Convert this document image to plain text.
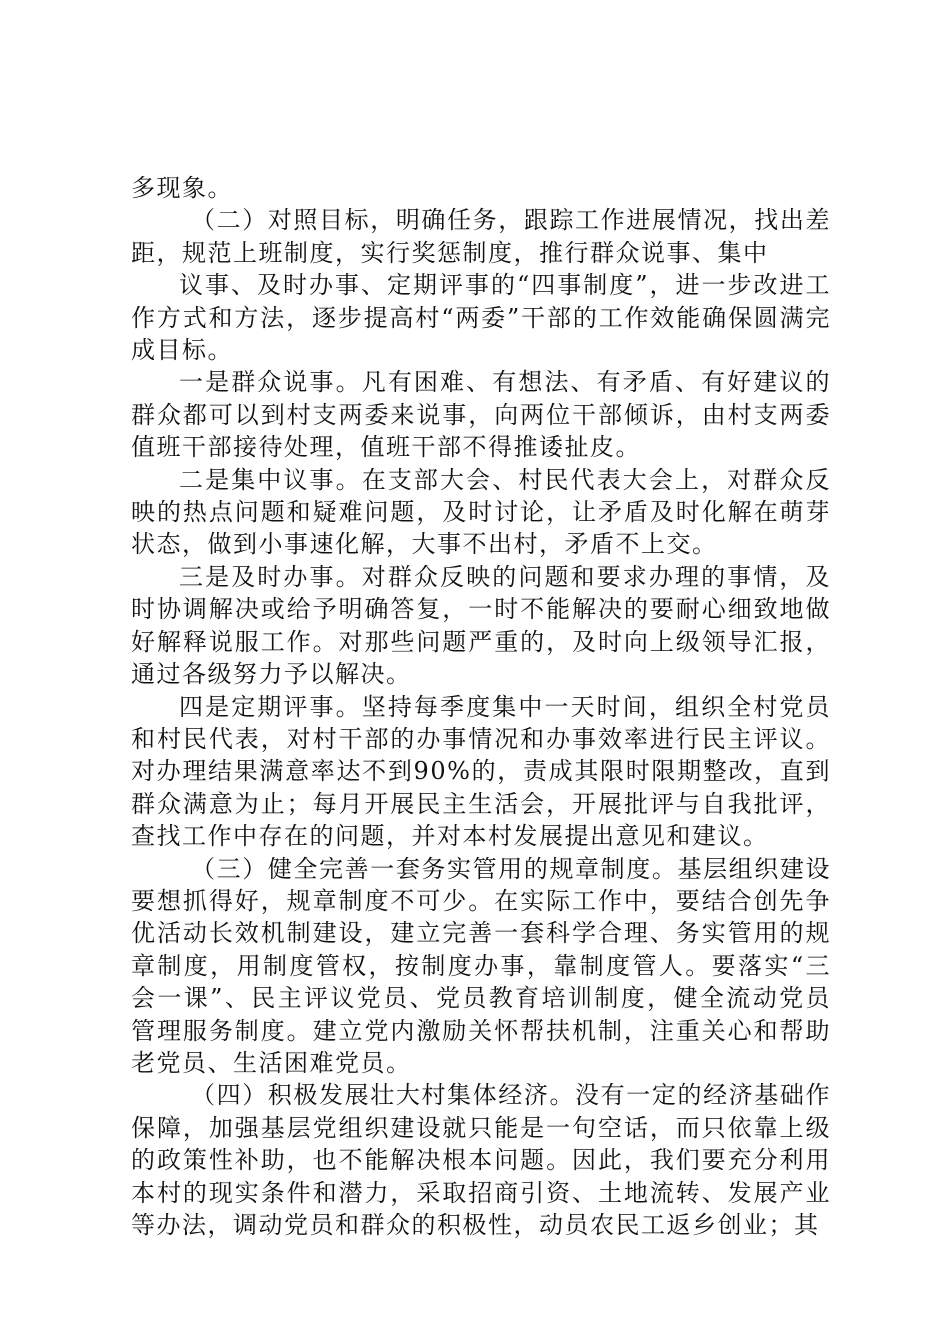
多现象。

（二）对照目标，明确任务，跟踪工作进展情况，找出差距，规范上班制度，实行奖惩制度，推行群众说事、集中

议事、及时办事、定期评事的“四事制度”，进一步改进工作方式和方法，逐步提高村“两委”干部的工作效能确保圆满完成目标。

一是群众说事。凡有困难、有想法、有矛盾、有好建议的群众都可以到村支两委来说事，向两位干部倾诉，由村支两委值班干部接待处理，值班干部不得推诿扯皮。

二是集中议事。在支部大会、村民代表大会上，对群众反映的热点问题和疑难问题，及时讨论，让矛盾及时化解在萌芽状态，做到小事速化解，大事不出村，矛盾不上交。

三是及时办事。对群众反映的问题和要求办理的事情，及时协调解决或给予明确答复，一时不能解决的要耐心细致地做好解释说服工作。对那些问题严重的，及时向上级领导汇报，通过各级努力予以解决。

四是定期评事。坚持每季度集中一天时间，组织全村党员和村民代表，对村干部的办事情况和办事效率进行民主评议。对办理结果满意率达不到90%的，责成其限时限期整改，直到群众满意为止；每月开展民主生活会，开展批评与自我批评，查找工作中存在的问题，并对本村发展提出意见和建议。

（三）健全完善一套务实管用的规章制度。基层组织建设要想抓得好，规章制度不可少。在实际工作中，要结合创先争优活动长效机制建设，建立完善一套科学合理、务实管用的规章制度，用制度管权，按制度办事，靠制度管人。要落实“三会一课”、民主评议党员、党员教育培训制度，健全流动党员管理服务制度。建立党内激励关怀帮扶机制，注重关心和帮助老党员、生活困难党员。

（四）积极发展壮大村集体经济。没有一定的经济基础作保障，加强基层党组织建设就只能是一句空话，而只依靠上级的政策性补助，也不能解决根本问题。因此，我们要充分利用本村的现实条件和潜力，采取招商引资、土地流转、发展产业等办法，调动党员和群众的积极性，动员农民工返乡创业；其
